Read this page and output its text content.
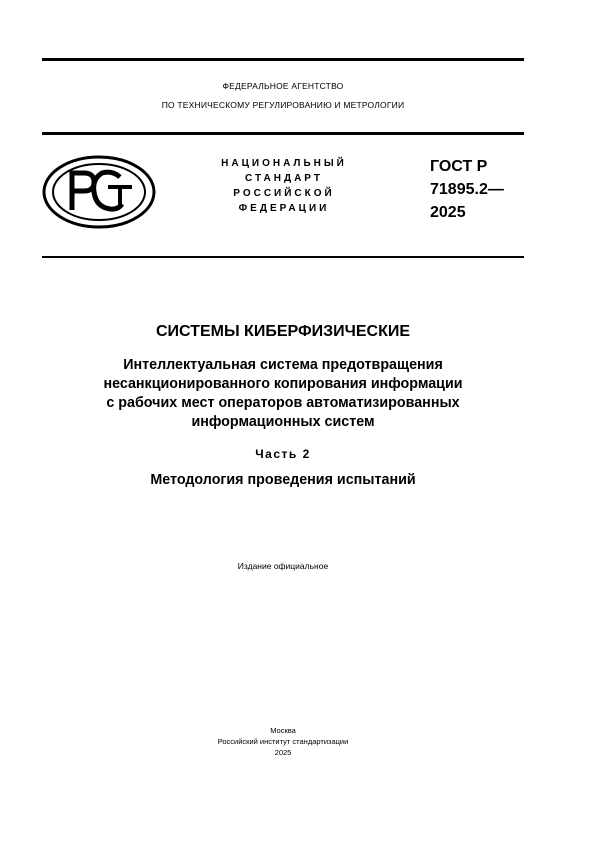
ФЕДЕРАЛЬНОЕ АГЕНТСТВО
ПО ТЕХНИЧЕСКОМУ РЕГУЛИРОВАНИЮ И МЕТРОЛОГИИ
НАЦИОНАЛЬНЫЙ
СТАНДАРТ
РОССИЙСКОЙ
ФЕДЕРАЦИИ
ГОСТ Р
71895.2—
2025
СИСТЕМЫ КИБЕРФИЗИЧЕСКИЕ
Интеллектуальная система предотвращения
несанкционированного копирования информации
с рабочих мест операторов автоматизированных
информационных систем
Часть 2
Методология проведения испытаний
Издание официальное
Москва
Российский институт стандартизации
2025
